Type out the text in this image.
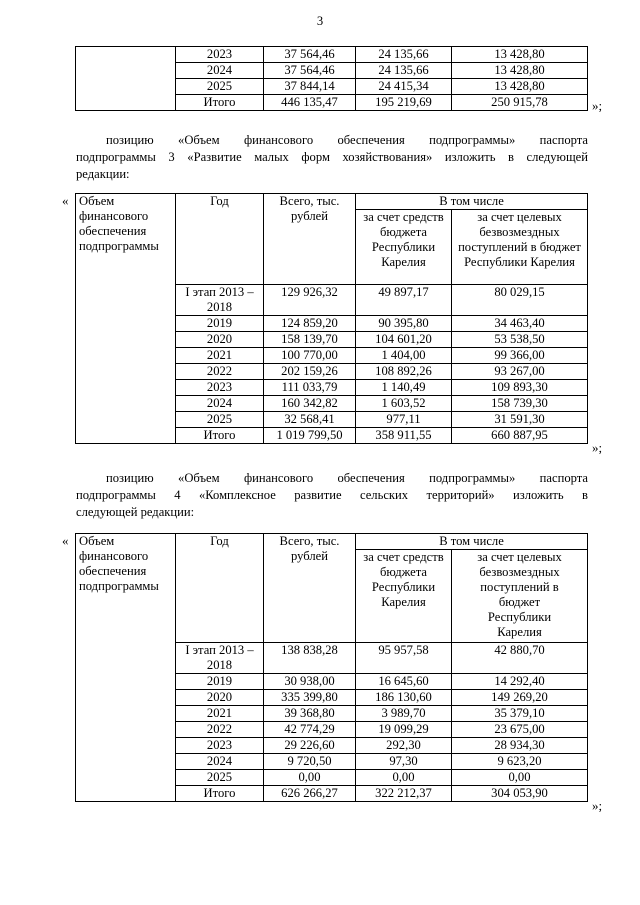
3
	2023	37 564,46	24 135,66	13 428,80
	2024	37 564,46	24 135,66	13 428,80
	2025	37 844,14	24 415,34	13 428,80
	Итого	446 135,47	195 219,69	250 915,78	»;
позицию «Объем финансового обеспечения подпрограммы» паспорта
подпрограммы 3 «Развитие малых форм хозяйствования» изложить в следующей
редакции:
« Объем финансового обеспечения подпрограммы	Год	Всего, тыс. рублей	В том числе	
			за счет средств бюджета Республики Карелия	за счет целевых безвозмездных поступлений в бюджет Республики Карелия
	I этап 2013 – 2018	129 926,32	49 897,17	80 029,15
	2019	124 859,20	90 395,80	34 463,40
	2020	158 139,70	104 601,20	53 538,50
	2021	100 770,00	1 404,00	99 366,00
	2022	202 159,26	108 892,26	93 267,00
	2023	111 033,79	1 140,49	109 893,30
	2024	160 342,82	1 603,52	158 739,30
	2025	32 568,41	977,11	31 591,30
	Итого	1 019 799,50	358 911,55	660 887,95
»;
позицию «Объем финансового обеспечения подпрограммы» паспорта
подпрограммы 4 «Комплексное развитие сельских территорий» изложить в
следующей редакции:
« Объем финансового обеспечения подпрограммы	Год	Всего, тыс. рублей	В том числе	
			за счет средств бюджета Республики Карелия	за счет целевых безвозмездных поступлений в бюджет Республики Карелия
	I этап 2013 – 2018	138 838,28	95 957,58	42 880,70
	2019	30 938,00	16 645,60	14 292,40
	2020	335 399,80	186 130,60	149 269,20
	2021	39 368,80	3 989,70	35 379,10
	2022	42 774,29	19 099,29	23 675,00
	2023	29 226,60	292,30	28 934,30
	2024	9 720,50	97,30	9 623,20
	2025	0,00	0,00	0,00
	Итого	626 266,27	322 212,37	304 053,90
»;
